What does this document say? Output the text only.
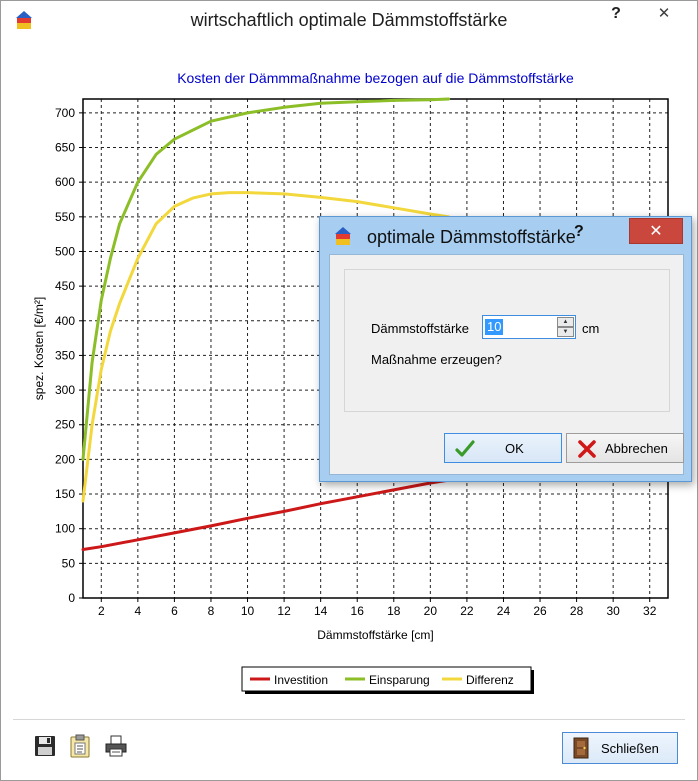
wirtschaftlich optimale Dämmstoffstärke	?	✕
Kosten der Dämmmaßnahme bezogen auf die Dämmstoffstärke
2 4 6 8 10 12 14 16 18 20 22 24 26 28 30 32
0
50
100
150
200
250
300
350
400
450
500
550
600
650
700
Dämmstoffstärke [cm]
spez. Kosten [€/m²]
Investition	Einsparung	Differenz
Schließen
optimale Dämmstoffstärke
?	✕
Dämmstoffstärke 10	▲
▼	cm
Maßnahme erzeugen?
OK	Abbrechen
